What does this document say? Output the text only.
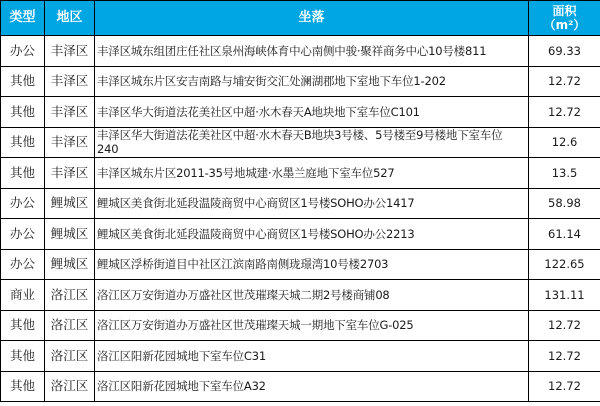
类型	地区	坐落	面积
（m²）
办公	丰泽区	丰泽区城东组团庄任社区泉州海峡体育中心南侧中骏·聚祥商务中心10号楼811	69.33
其他	丰泽区	丰泽区城东片区安吉南路与埔安街交汇处澜湖郡地下室地下车位1-202	12.72
其他	丰泽区	丰泽区华大街道法花美社区中超·水木春天A地块地下室车位C101	12.72
其他	丰泽区	丰泽区华大街道法花美社区中超·水木春天B地块3号楼、5号楼至9号楼地下室车位 240	12.6
其他	丰泽区	丰泽区城东片区2011-35号地城建·水墨兰庭地下室车位527	13.5
办公	鲤城区	鲤城区美食街北延段温陵商贸中心商贸区1号楼SOHO办公1417	58.98
办公	鲤城区	鲤城区美食街北延段温陵商贸中心商贸区1号楼SOHO办公2213	61.14
办公	鲤城区	鲤城区浮桥街道目中社区江滨南路南侧珑璟湾10号楼2703	122.65
商业	洛江区	洛江区万安街道办万盛社区世茂璀璨天城二期2号楼商铺08	131.11
其他	洛江区	洛江区万安街道办万盛社区世茂璀璨天城一期地下室车位G-025	12.72
其他	洛江区	洛江区阳新花园城地下室车位C31	12.72
其他	洛江区	洛江区阳新花园城地下室车位A32	12.72
